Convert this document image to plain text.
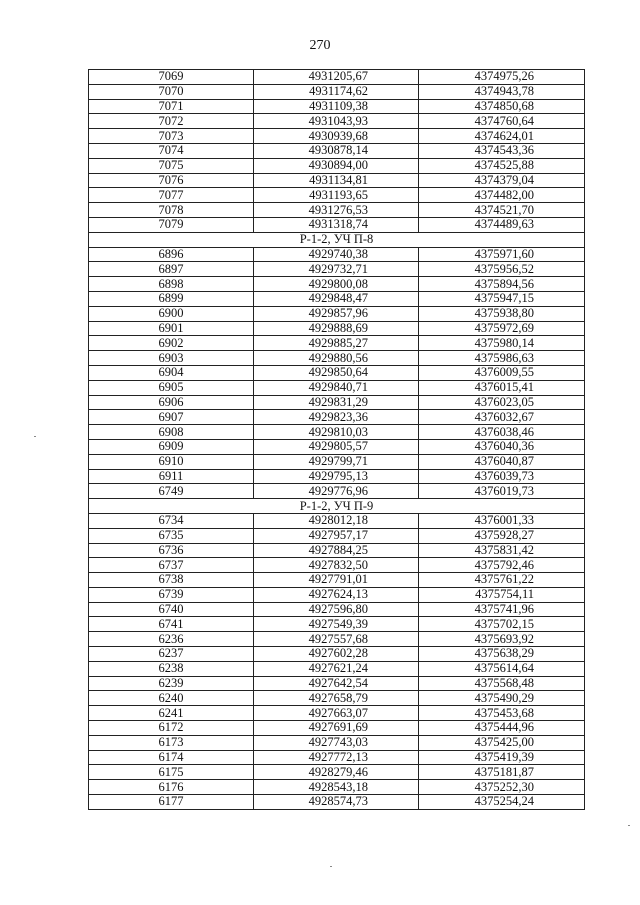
270
7069	4931205,67	4374975,26
7070	4931174,62	4374943,78
7071	4931109,38	4374850,68
7072	4931043,93	4374760,64
7073	4930939,68	4374624,01
7074	4930878,14	4374543,36
7075	4930894,00	4374525,88
7076	4931134,81	4374379,04
7077	4931193,65	4374482,00
7078	4931276,53	4374521,70
7079	4931318,74	4374489,63
Р-1-2, УЧ П-8		
6896	4929740,38	4375971,60
6897	4929732,71	4375956,52
6898	4929800,08	4375894,56
6899	4929848,47	4375947,15
6900	4929857,96	4375938,80
6901	4929888,69	4375972,69
6902	4929885,27	4375980,14
6903	4929880,56	4375986,63
6904	4929850,64	4376009,55
6905	4929840,71	4376015,41
6906	4929831,29	4376023,05
6907	4929823,36	4376032,67
6908	4929810,03	4376038,46
6909	4929805,57	4376040,36
6910	4929799,71	4376040,87
6911	4929795,13	4376039,73
6749	4929776,96	4376019,73
Р-1-2, УЧ П-9		
6734	4928012,18	4376001,33
6735	4927957,17	4375928,27
6736	4927884,25	4375831,42
6737	4927832,50	4375792,46
6738	4927791,01	4375761,22
6739	4927624,13	4375754,11
6740	4927596,80	4375741,96
6741	4927549,39	4375702,15
6236	4927557,68	4375693,92
6237	4927602,28	4375638,29
6238	4927621,24	4375614,64
6239	4927642,54	4375568,48
6240	4927658,79	4375490,29
6241	4927663,07	4375453,68
6172	4927691,69	4375444,96
6173	4927743,03	4375425,00
6174	4927772,13	4375419,39
6175	4928279,46	4375181,87
6176	4928543,18	4375252,30
6177	4928574,73	4375254,24
